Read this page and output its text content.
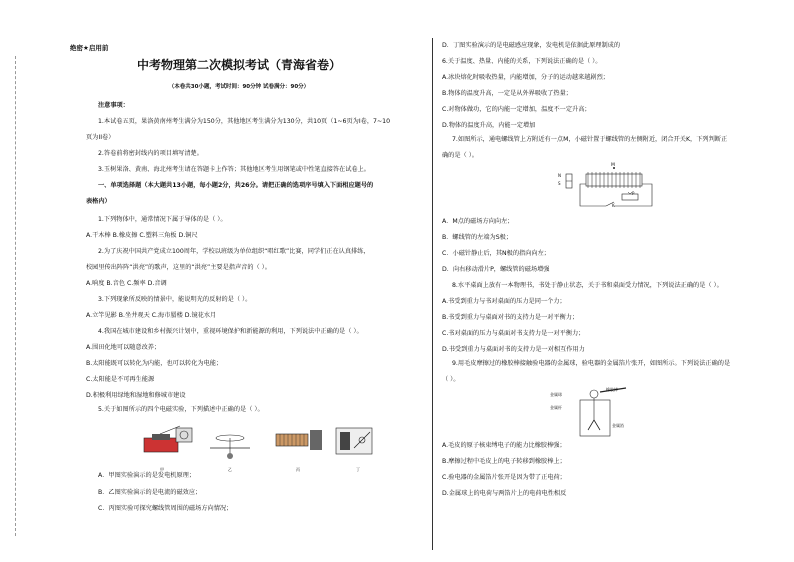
绝密★启用前
中考物理第二次模拟考试（青海省卷）
（本卷共30小题，考试时间：90分钟 试卷满分：90分）
注意事项：
1.本试卷五页，果洛黄南州考生满分为150分，其他地区考生满分为130分，共10页（1~6页为I卷，7~10
页为II卷）
2.答卷前将密封线内的项目填写清楚。
3.玉树果洛、黄南、海北州考生请在答题卡上作答；其他地区考生用钢笔或中性笔直接答在试卷上。
一、单项选择题（本大题共13小题，每小题2分，共26分。请把正确的选项序号填入下面相应题号的
表格内）
1.下列物体中，通常情况下属于导体的是（ ）。
A.干木棒 B.橡皮擦 C.塑料三角板 D.铜尺
2.为了庆祝中国共产党成立100周年，学校以班级为单位组织“唱红歌”比赛，同学们正在认真排练，
校园里传出阵阵“洪亮”的歌声，这里的“洪亮”主要是指声音的（ ）。
A.响度 B.音色 C.频率 D.音调
3.下列现象所反映的情景中，能说明光的反射的是（ ）。
A.立竿见影 B.坐井观天 C.海市蜃楼 D.镜花水月
4.我国在城市建设和乡村振兴计划中，重视环境保护和新能源的利用，下列说法中正确的是（ ）。
A.围田化地可以随意改养；
B.太阳能既可以转化为内能，也可以转化为电能；
C.太阳能是不可再生能源
D.积极利用绿地和湿地和修城市建设
5.关于如图所示的四个电磁实验，下列描述中正确的是（ ）。
甲	乙	丙	丁
A．甲图实验演示的是发电机原理；
B．乙图实验演示的是电流的磁效应；
C．丙图实验可探究螺线管周围的磁场方向情况；
D．丁图实验演示的是电磁感应现象，发电机是依据此原理制成的
6.关于温度、热量、内能的关系，下列说法正确的是（ ）。
A.冰块熔化时吸收热量，内能增加，分子的运动越来越剧烈；
B.物体的温度升高，一定是从外界吸收了热量；
C.对物体做功，它的内能一定增加，温度不一定升高；
D.物体的温度升高，内能一定增加
7.如图所示，通电螺线管上方附近有一点M，小磁针置于螺线管的左侧附近，闭合开关K，下列判断正
确的是（ ）。
M
N
S
P
K
A．M点的磁场方向向左；
B．螺线管的左端为S极；
C．小磁针静止后，其N极的指向向左；
D．向右移动滑片P，螺线管的磁场增强
8.水平桌面上放有一本物理书，书处于静止状态，关于书和桌面受力情况，下列说法正确的是（ ）。
A.书受到重力与书对桌面的压力是同一个力；
B.书受到重力与桌面对书的支持力是一对平衡力；
C.书对桌面的压力与桌面对书支持力是一对平衡力；
D.书受到重力与桌面对书的支持力是一对相互作用力
9.用毛皮摩擦过的橡胶棒接触验电器的金属球，验电器的金属箔片张开，如图所示。下列说法正确的是
（ ）。
金属球
橡胶棒
金属杆
金属箔
A.毛皮的原子核束缚电子的能力比橡胶棒强；
B.摩擦过程中毛皮上的电子转移到橡胶棒上；
C.验电器的金属箔片张开是因为带了正电荷；
D.金属球上的电荷与两箔片上的电荷电性相反
